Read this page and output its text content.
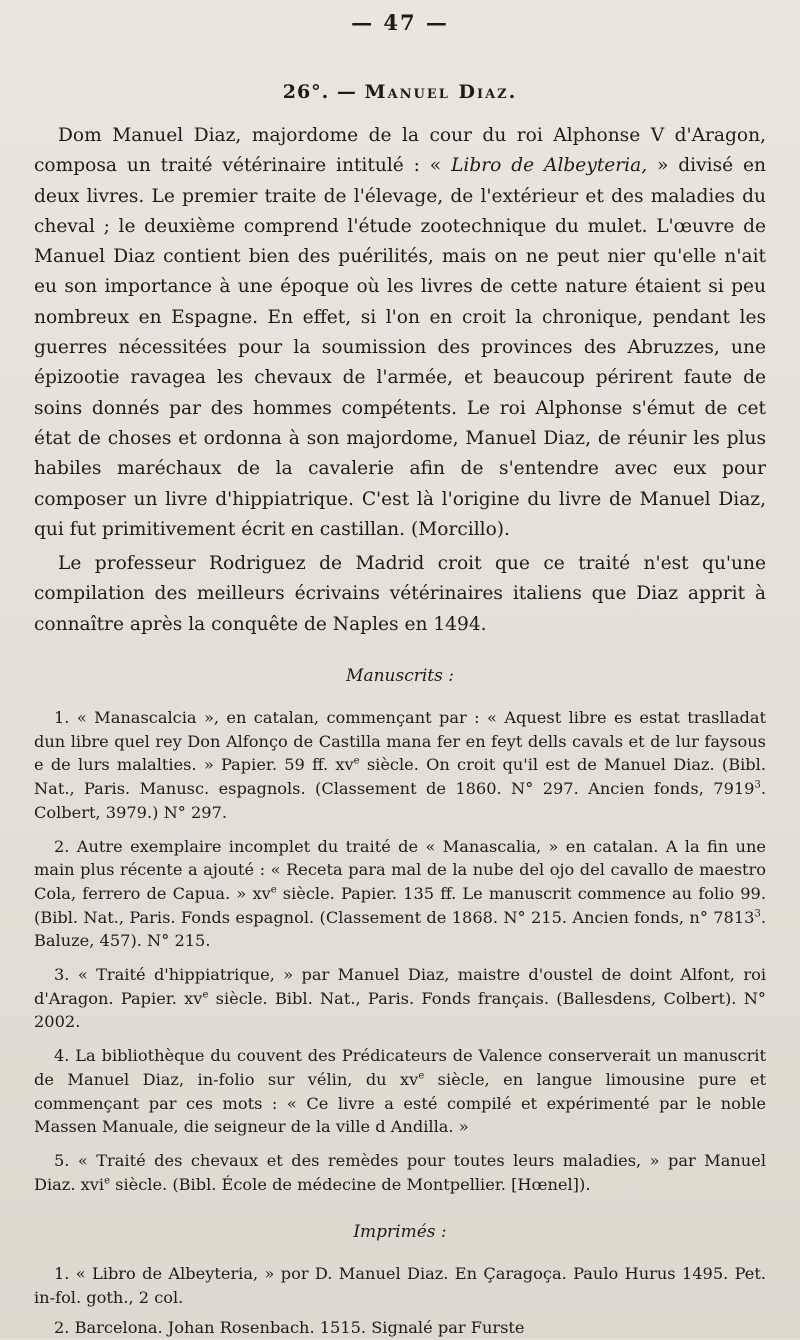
— 47 —
26°. — Manuel Diaz.

Dom Manuel Diaz, majordome de la cour du roi Alphonse V d'Aragon, composa un traité vétérinaire intitulé : « Libro de Albeyteria, » divisé en deux livres. Le premier traite de l'élevage, de l'extérieur et des maladies du cheval ; le deuxième comprend l'étude zootechnique du mulet. L'œuvre de Manuel Diaz contient bien des puérilités, mais on ne peut nier qu'elle n'ait eu son importance à une époque où les livres de cette nature étaient si peu nombreux en Espagne. En effet, si l'on en croit la chronique, pendant les guerres nécessitées pour la soumission des provinces des Abruzzes, une épizootie ravagea les chevaux de l'armée, et beaucoup périrent faute de soins donnés par des hommes compétents. Le roi Alphonse s'émut de cet état de choses et ordonna à son majordome, Manuel Diaz, de réunir les plus habiles maréchaux de la cavalerie afin de s'entendre avec eux pour composer un livre d'hippiatrique. C'est là l'origine du livre de Manuel Diaz, qui fut primitivement écrit en castillan. (Morcillo).

Le professeur Rodriguez de Madrid croit que ce traité n'est qu'une compilation des meilleurs écrivains vétérinaires italiens que Diaz apprit à connaître après la conquête de Naples en 1494.

Manuscrits :

1. « Manascalcia », en catalan, commençant par : « Aquest libre es estat traslladat dun libre quel rey Don Alfonço de Castilla mana fer en feyt dells cavals et de lur faysous e de lurs malalties. » Papier. 59 ff. $xv^e$ siècle. On croit qu'il est de Manuel Diaz. (Bibl. Nat., Paris. Manusc. espagnols. (Classement de 1860. N° 297. Ancien fonds, 7919$^3$. Colbert, 3979.) N° 297.

2. Autre exemplaire incomplet du traité de « Manascalia, » en catalan. A la fin une main plus récente a ajouté : « Receta para mal de la nube del ojo del cavallo de maestro Cola, ferrero de Capua. » $xv^e$ siècle. Papier. 135 ff. Le manuscrit commence au folio 99. (Bibl. Nat., Paris. Fonds espagnol. (Classement de 1868. N° 215. Ancien fonds, n° 7813$^3$. Baluze, 457). N° 215.

3. « Traité d'hippiatrique, » par Manuel Diaz, maistre d'oustel de doint Alfont, roi d'Aragon. Papier. $xv^e$ siècle. Bibl. Nat., Paris. Fonds français. (Ballesdens, Colbert). N° 2002.

4. La bibliothèque du couvent des Prédicateurs de Valence conserverait un manuscrit de Manuel Diaz, in-folio sur vélin, du $xv^e$ siècle, en langue limousine pure et commençant par ces mots : « Ce livre a esté compilé et expérimenté par le noble Massen Manuale, die seigneur de la ville d Andilla. »

5. « Traité des chevaux et des remèdes pour toutes leurs maladies, » par Manuel Diaz. xvi$^e$ siècle. (Bibl. École de médecine de Montpellier. [Hœnel]).

Imprimés :

1. « Libro de Albeyteria, » por D. Manuel Diaz. En Çaragoça. Paulo Hurus 1495. Pet. in-fol. goth., 2 col.

2. Barcelona. Johan Rosenbach. 1515. Signalé par Furste
